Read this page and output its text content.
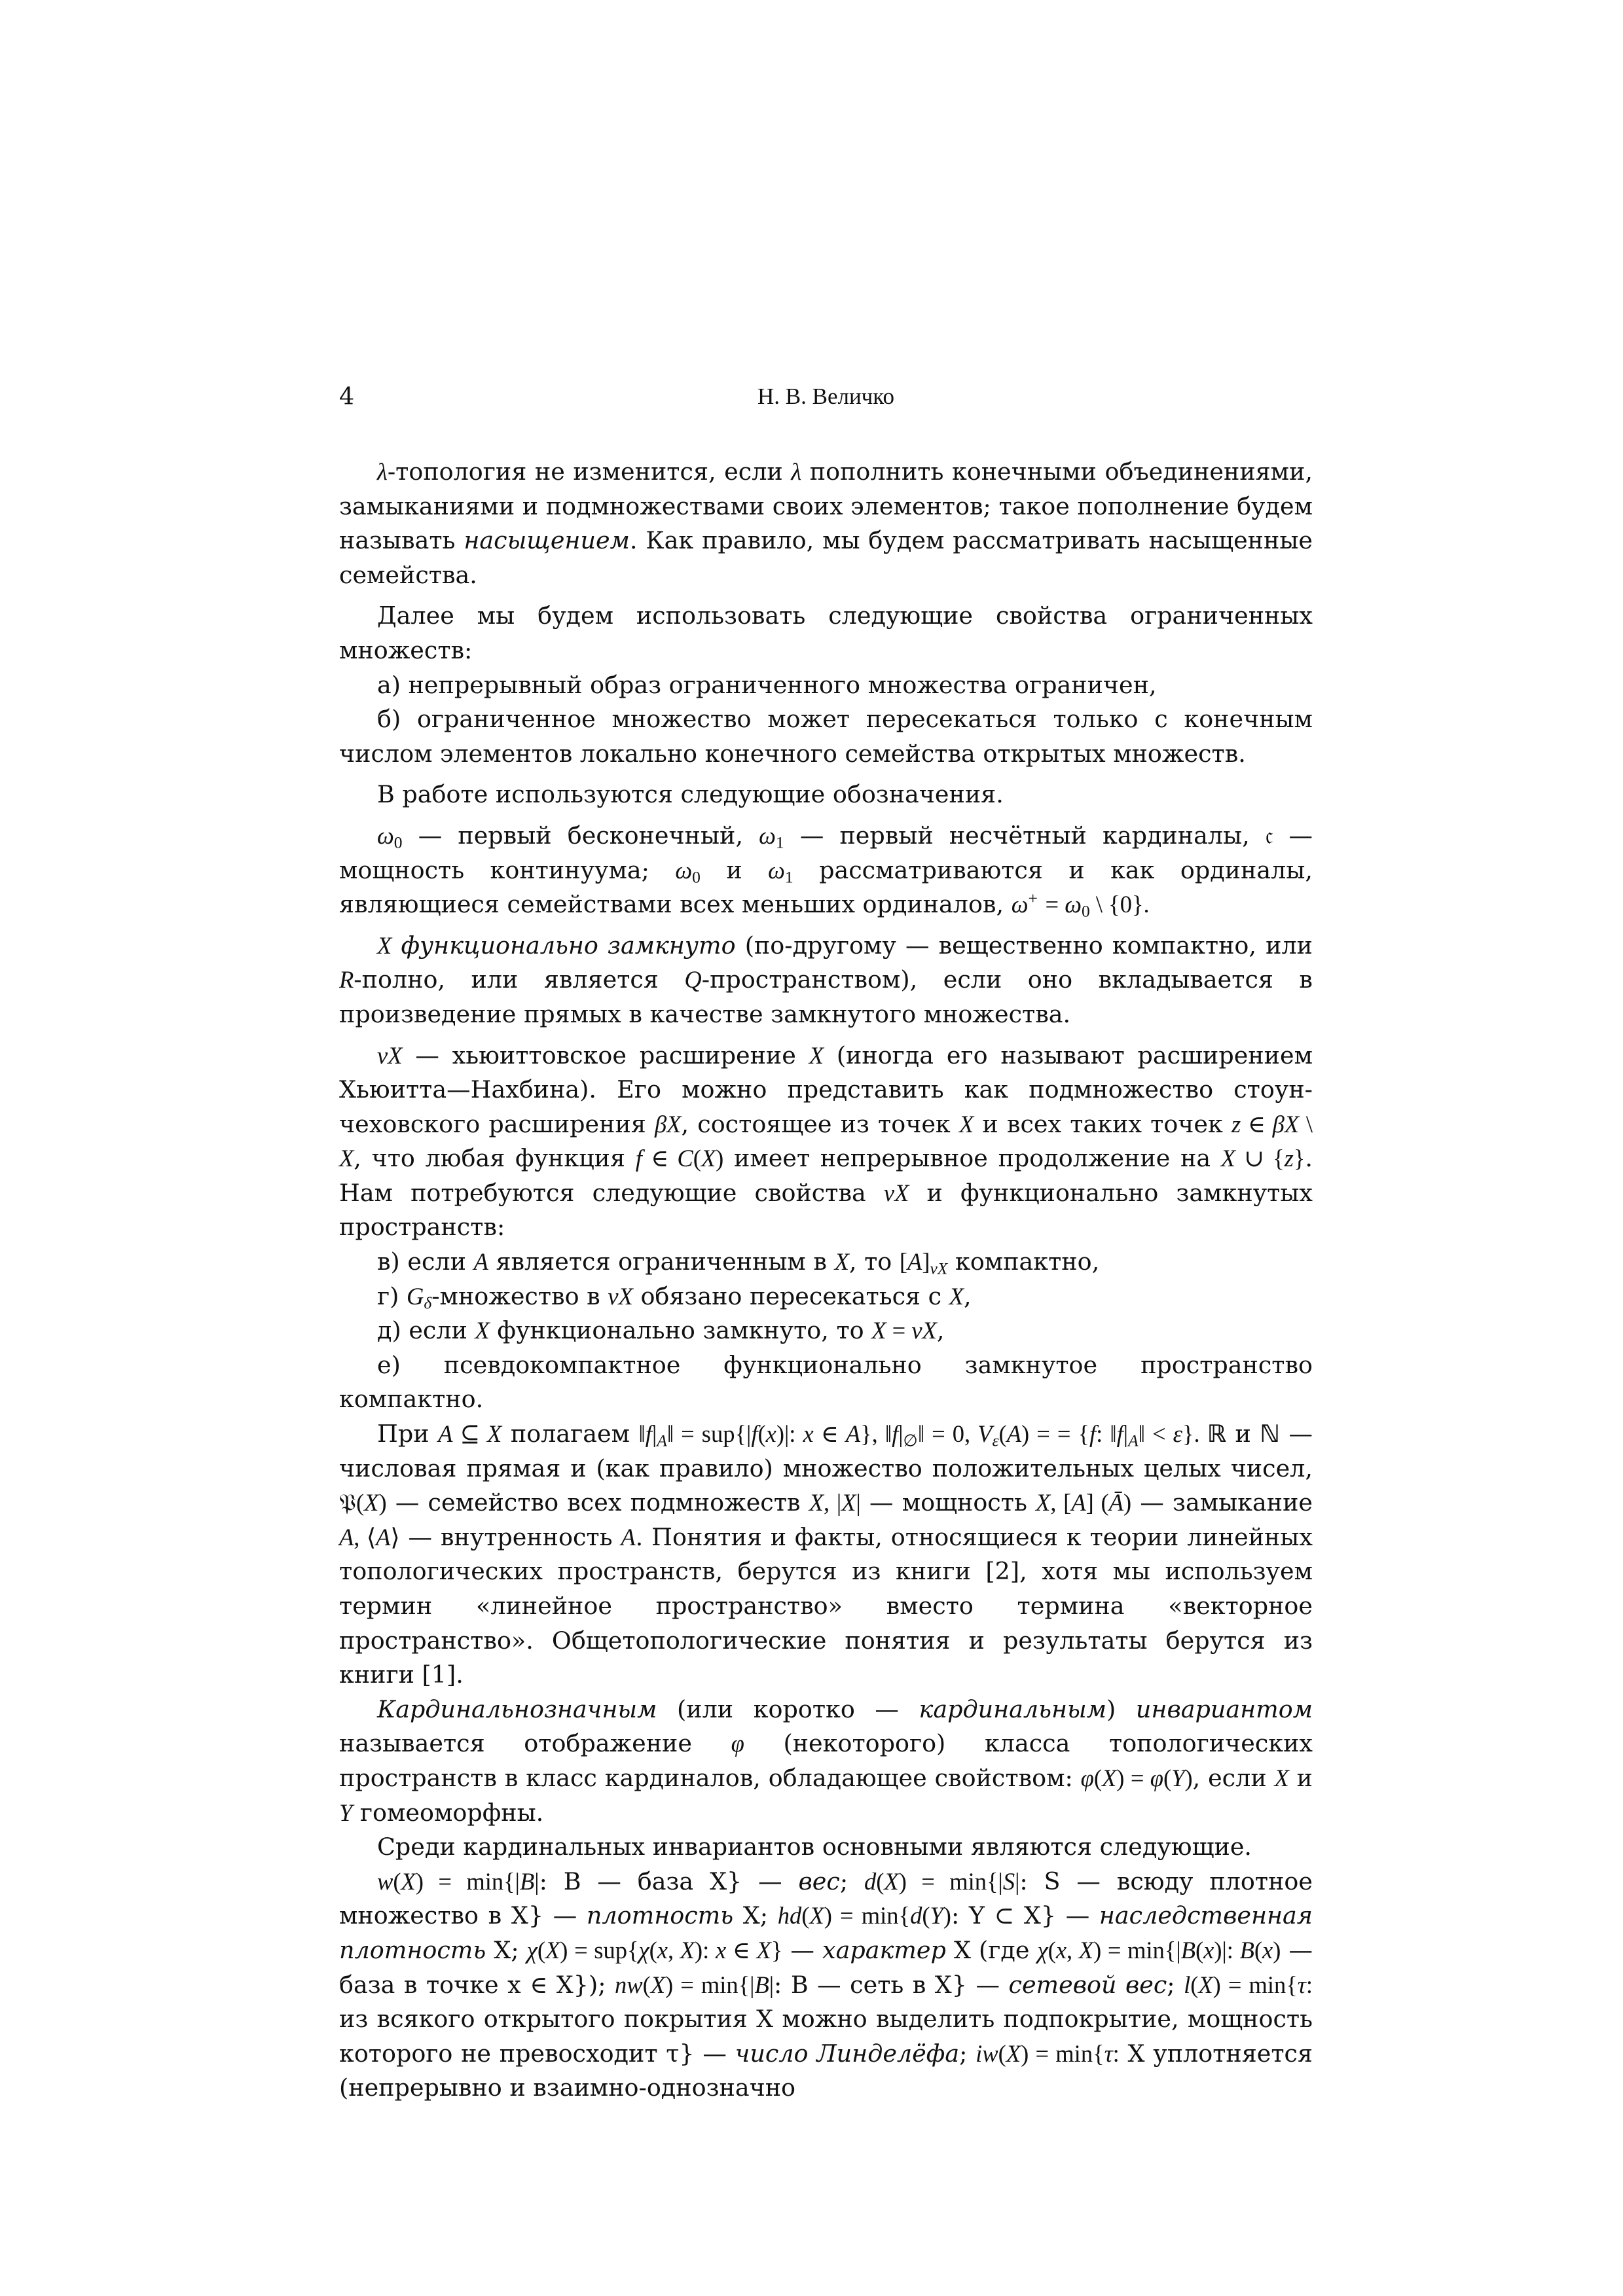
4	Н. В. Величко

λ-топология не изменится, если λ пополнить конечными объединениями, замыканиями и подмножествами своих элементов; такое пополнение будем называть насыщением. Как правило, мы будем рассматривать насыщенные семейства.

Далее мы будем использовать следующие свойства ограниченных множеств:

а) непрерывный образ ограниченного множества ограничен,

б) ограниченное множество может пересекаться только с конечным числом элементов локально конечного семейства открытых множеств.

В работе используются следующие обозначения.

$\omega_0$ — первый бесконечный, $\omega_1$ — первый несчётный кардиналы, 𝔠 — мощность континуума; $\omega_0$ и $\omega_1$ рассматриваются и как ординалы, являющиеся семействами всех меньших ординалов, $\omega^+ = \omega_0$ \ {0}.

X функционально замкнуто (по-другому — вещественно компактно, или R-полно, или является Q-пространством), если оно вкладывается в произведение прямых в качестве замкнутого множества.

νX — хьюиттовское расширение X (иногда его называют расширением Хьюитта—Нахбина). Его можно представить как подмножество стоун-чеховского расширения βX, состоящее из точек X и всех таких точек z ∈ βX \ X, что любая функция f ∈ C(X) имеет непрерывное продолжение на X ∪ {z}. Нам потребуются следующие свойства νX и функционально замкнутых пространств:

в) если A является ограниченным в X, то $[A]_{\nu X}$ компактно,

г) $G_\delta$-множество в νX обязано пересекаться с X,

д) если X функционально замкнуто, то X = νX,

е) псевдокомпактное функционально замкнутое пространство компактно.

При A ⊆ X полагаем $‖f|_A‖ = sup\{|f(x)|$: x ∈ A}, $‖f|_\emptyset‖ = 0$, $V_\varepsilon(A)$ = = {f: $‖f|_A‖ < \varepsilon$}. ℝ и ℕ — числовая прямая и (как правило) множество положительных целых чисел, 𝔓(X) — семейство всех подмножеств X, |X| — мощность X, [A] (Ā) — замыкание A, ⟨A⟩ — внутренность A. Понятия и факты, относящиеся к теории линейных топологических пространств, берутся из книги [2], хотя мы используем термин «линейное пространство» вместо термина «векторное пространство». Общетопологические понятия и результаты берутся из книги [1].

Кардинальнозначным (или коротко — кардинальным) инвариантом называется отображение φ (некоторого) класса топологических пространств в класс кардиналов, обладающее свойством: φ(X) = φ(Y), если X и Y гомеоморфны.

Среди кардинальных инвариантов основными являются следующие.

w(X) = min{|B|: B — база X} — вес; d(X) = min{|S|: S — всюду плотное множество в X} — плотность X; hd(X) = min{d(Y): Y ⊂ X} — наследственная плотность X; χ(X) = sup{χ(x, X): x ∈ X} — характер X (где χ(x, X) = min{|B(x)|: B(x) — база в точке x ∈ X}); nw(X) = min{|B|: B — сеть в X} — сетевой вес; l(X) = min{τ: из всякого открытого покрытия X можно выделить подпокрытие, мощность которого не превосходит τ} — число Линделёфа; iw(X) = min{τ: X уплотняется (непрерывно и взаимно-однозначно
